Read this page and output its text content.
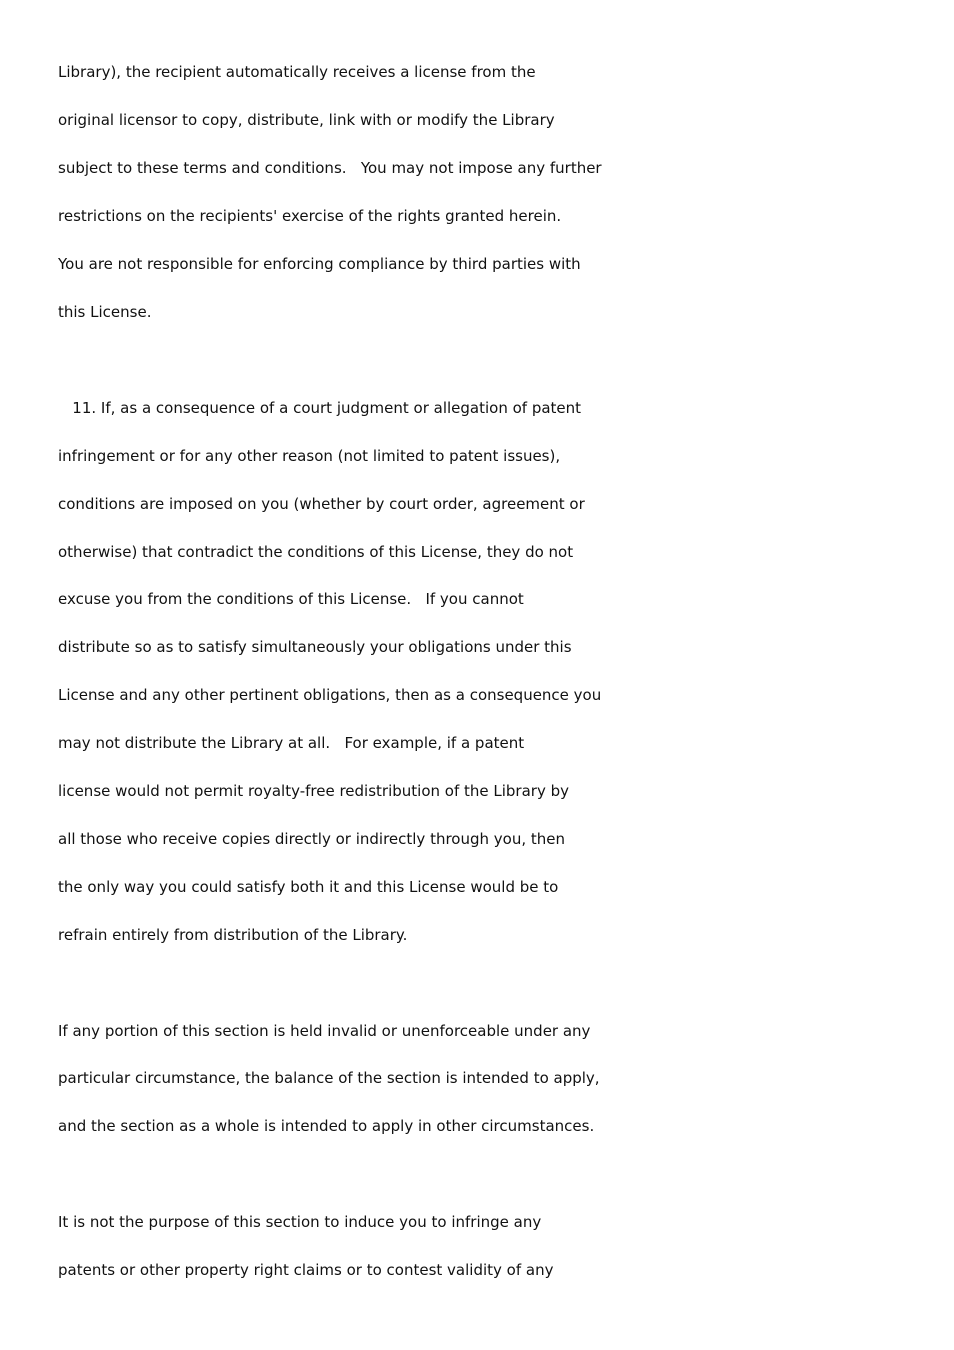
Library), the recipient automatically receives a license from the

original licensor to copy, distribute, link with or modify the Library

subject to these terms and conditions.   You may not impose any further

restrictions on the recipients' exercise of the rights granted herein.

You are not responsible for enforcing compliance by third parties with

this License.

11. If, as a consequence of a court judgment or allegation of patent

infringement or for any other reason (not limited to patent issues),

conditions are imposed on you (whether by court order, agreement or

otherwise) that contradict the conditions of this License, they do not

excuse you from the conditions of this License.   If you cannot

distribute so as to satisfy simultaneously your obligations under this

License and any other pertinent obligations, then as a consequence you

may not distribute the Library at all.   For example, if a patent

license would not permit royalty-free redistribution of the Library by

all those who receive copies directly or indirectly through you, then

the only way you could satisfy both it and this License would be to

refrain entirely from distribution of the Library.

If any portion of this section is held invalid or unenforceable under any

particular circumstance, the balance of the section is intended to apply,

and the section as a whole is intended to apply in other circumstances.

It is not the purpose of this section to induce you to infringe any

patents or other property right claims or to contest validity of any
